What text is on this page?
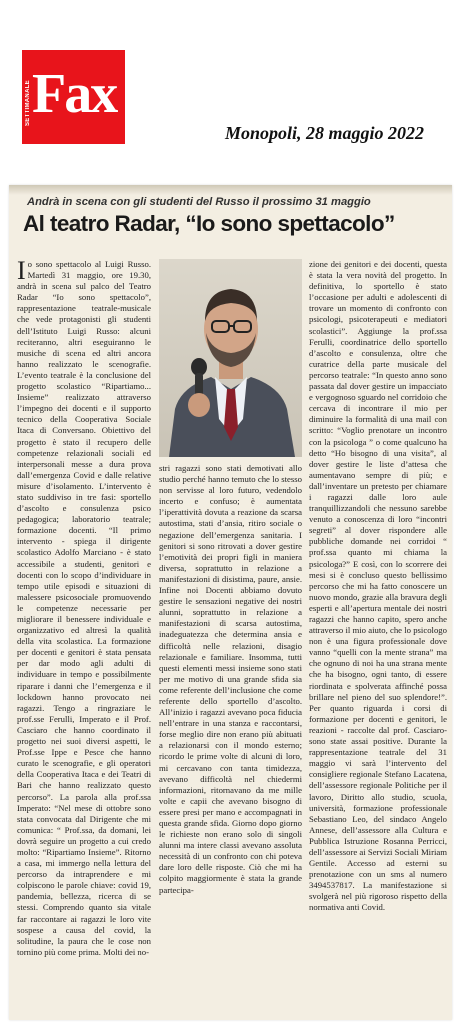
SETTIMANALE Fax
Monopoli, 28 maggio 2022
Andrà in scena con gli studenti del Russo il prossimo 31 maggio
Al teatro Radar, “Io sono spettacolo”
I o sono spettacolo al Luigi Russo. Martedì 31 maggio, ore 19.30, andrà in scena sul palco del Teatro Radar “Io sono spettacolo”, rappresentazione teatrale-musicale che vede protagonisti gli studenti dell’Istituto Luigi Russo: alcuni reciteranno, altri eseguiranno le musiche di scena ed altri ancora hanno realizzato le scenografie. L’evento teatrale è la conclusione del progetto scolastico “Ripartiamo... Insieme” realizzato attraverso l’impegno dei docenti e il supporto tecnico della Cooperativa Sociale Itaca di Conversano. Obiettivo del progetto è stato il recupero delle competenze relazionali sociali ed interpersonali messe a dura prova dall’emergenza Covid e dalle relative misure d’isolamento. L’intervento è stato suddiviso in tre fasi: sportello d’ascolto e consulenza psico pedagogica; laboratorio teatrale; formazione docenti. “Il primo intervento - spiega il dirigente scolastico Adolfo Marciano - è stato accessibile a studenti, genitori e docenti con lo scopo d’individuare in tempo utile episodi e situazioni di malessere psicosociale promuovendo le competenze necessarie per migliorare il benessere individuale e organizzativo ed altresì la qualità della vita scolastica. La formazione per docenti e genitori è stata pensata per dar modo agli adulti di individuare in tempo e possibilmente riparare i danni che l’emergenza e il lockdown hanno provocato nei ragazzi. Tengo a ringraziare le prof.sse Ferulli, Imperato e il Prof. Casciaro che hanno coordinato il progetto nei suoi diversi aspetti, le Prof.sse Ippe e Pesce che hanno curato le scenografie, e gli operatori della Cooperativa Itaca e dei Teatri di Bari che hanno realizzato questo percorso”. La parola alla prof.ssa Imperato: “Nel mese di ottobre sono stata convocata dal Dirigente che mi comunica: “ Prof.ssa, da domani, lei dovrà seguire un progetto a cui credo molto: “Ripartiamo Insieme”. Ritorno a casa, mi immergo nella lettura del percorso da intraprendere e mi colpiscono le parole chiave: covid 19, pandemia, bellezza, ricerca di se stessi. Comprendo quanto sia vitale far raccontare ai ragazzi le loro vite sospese a causa del covid, la solitudine, la paura che le cose non tornino più come prima. Molti dei no-
stri ragazzi sono stati demotivati allo studio perché hanno temuto che lo stesso non servisse al loro futuro, vedendolo incerto e confuso; è aumentata l’iperattività dovuta a reazione da scarsa autostima, stati d’ansia, ritiro sociale o negazione dell’emergenza sanitaria. I genitori si sono ritrovati a dover gestire l’emotività dei propri figli in maniera diversa, soprattutto in relazione a manifestazioni di disistima, paure, ansie. Infine noi Docenti abbiamo dovuto gestire le sensazioni negative dei nostri alunni, soprattutto in relazione a manifestazioni di scarsa autostima, inadeguatezza che determina ansia e difficoltà nelle relazioni, disagio relazionale e familiare. Insomma, tutti questi elementi messi insieme sono stati per me motivo di una grande sfida sia come referente dell’inclusione che come referente dello sportello d’ascolto. All’inizio i ragazzi avevano poca fiducia nell’entrare in una stanza e raccontarsi, forse meglio dire non erano più abituati a relazionarsi con il mondo esterno; ricordo le prime volte di alcuni di loro, mi cercavano con tanta timidezza, avevano difficoltà nel chiedermi informazioni, ritornavano da me mille volte e capii che avevano bisogno di essere presi per mano e accompagnati in questa grande sfida. Giorno dopo giorno le richieste non erano solo di singoli alunni ma intere classi avevano assoluta necessità di un confronto con chi poteva dare loro delle risposte. Ciò che mi ha colpito maggiormente è stata la grande partecipa-
zione dei genitori e dei docenti, questa è stata la vera novità del progetto. In definitiva, lo sportello è stato l’occasione per adulti e adolescenti di trovare un momento di confronto con psicologi, psicoterapeuti e mediatori scolastici”. Aggiunge la prof.ssa Ferulli, coordinatrice dello sportello d’ascolto e consulenza, oltre che curatrice della parte musicale del percorso teatrale: “In questo anno sono passata dal dover gestire un impacciato e vergognoso sguardo nel corridoio che cercava di incontrare il mio per diminuire la formalità di una mail con scritto: “Voglio prenotare un incontro con la psicologa ” o come qualcuno ha detto “Ho bisogno di una visita”, al dover gestire le liste d’attesa che aumentavano sempre di più; e dall’inventare un pretesto per chiamare i ragazzi dalle loro aule tranquillizzandoli che nessuno sarebbe venuto a conoscenza di loro “incontri segreti” al dover rispondere alle pubbliche domande nei corridoi “ prof.ssa quanto mi chiama la psicologa?” E così, con lo scorrere dei mesi si è concluso questo bellissimo percorso che mi ha fatto conoscere un nuovo mondo, grazie alla bravura degli esperti e all’apertura mentale dei nostri ragazzi che hanno capito, spero anche attraverso il mio aiuto, che lo psicologo non è una figura professionale dove vanno “quelli con la mente strana” ma che ognuno di noi ha una strana mente che ha bisogno, ogni tanto, di essere riordinata e spolverata affinché possa brillare nel pieno del suo splendore!”. Per quanto riguarda i corsi di formazione per docenti e genitori, le reazioni - raccolte dal prof. Casciaro- sono state assai positive. Durante la rappresentazione teatrale del 31 maggio vi sarà l’intervento del consigliere regionale Stefano Lacatena, dell’assessore regionale Politiche per il lavoro, Diritto allo studio, scuola, università, formazione professionale Sebastiano Leo, del sindaco Angelo Annese, dell’assessore alla Cultura e Pubblica Istruzione Rosanna Perricci, dell’assessore ai Servizi Sociali Miriam Gentile. Accesso ad esterni su prenotazione con un sms al numero 3494537817. La manifestazione si svolgerà nel più rigoroso rispetto della normativa anti Covid.
